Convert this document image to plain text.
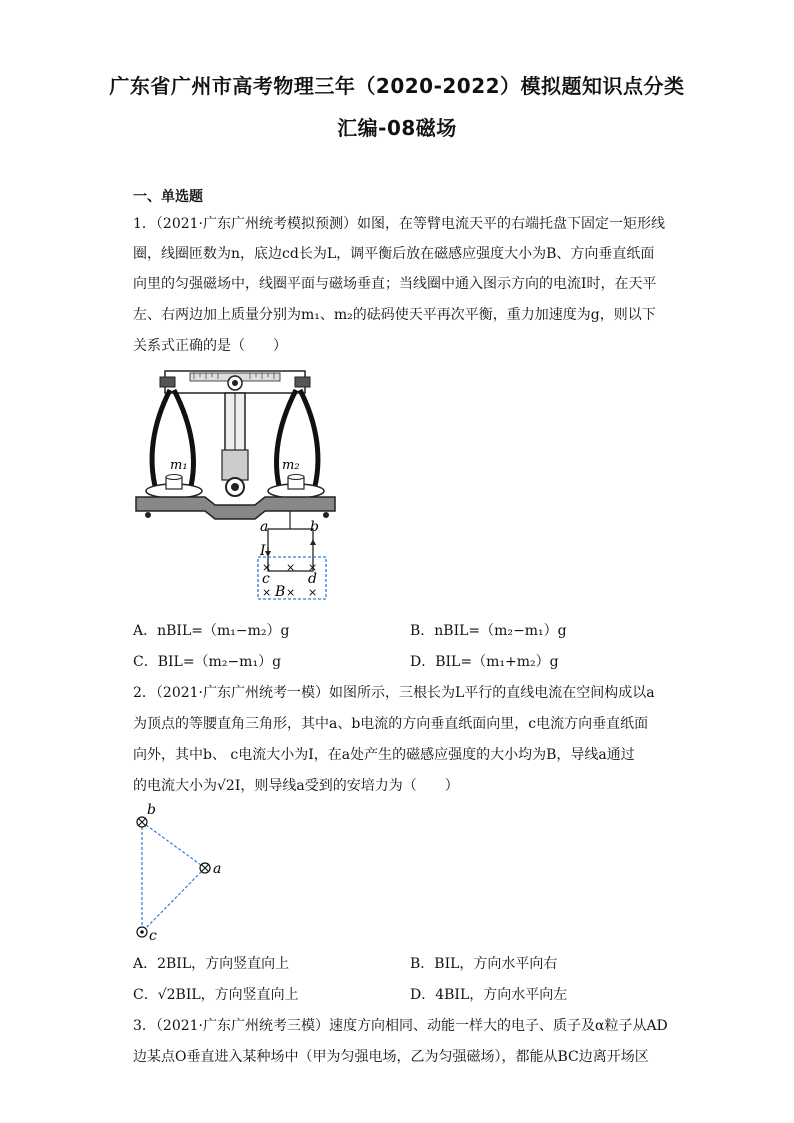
广东省广州市高考物理三年（2020-2022）模拟题知识点分类
汇编-08磁场
一、单选题
1．（2021·广东广州统考模拟预测）如图，在等臂电流天平的右端托盘下固定一矩形线
圈，线圈匝数为n，底边cd长为L，调平衡后放在磁感应强度大小为B、方向垂直纸面
向里的匀强磁场中，线圈平面与磁场垂直；当线圈中通入图示方向的电流I时，在天平
左、右两边加上质量分别为m₁、m₂的砝码使天平再次平衡，重力加速度为g，则以下
关系式正确的是（　　）
m₁	m₂
a	b
I
× × ×
c	d
× B × ×
A．nBIL=（m₁−m₂）g	B．nBIL=（m₂−m₁）g
C．BIL=（m₂−m₁）g	D．BIL=（m₁+m₂）g
2．（2021·广东广州统考一模）如图所示，三根长为L平行的直线电流在空间构成以a
为顶点的等腰直角三角形，其中a、b电流的方向垂直纸面向里，c电流方向垂直纸面
向外，其中b、 c电流大小为I，在a处产生的磁感应强度的大小均为B，导线a通过
的电流大小为√2I，则导线a受到的安培力为（　　）
b
a
c
A．2BIL，方向竖直向上	B．BIL，方向水平向右
C．√2BIL，方向竖直向上	D．4BIL，方向水平向左
3．（2021·广东广州统考三模）速度方向相同、动能一样大的电子、质子及α粒子从AD
边某点O垂直进入某种场中（甲为匀强电场，乙为匀强磁场），都能从BC边离开场区
